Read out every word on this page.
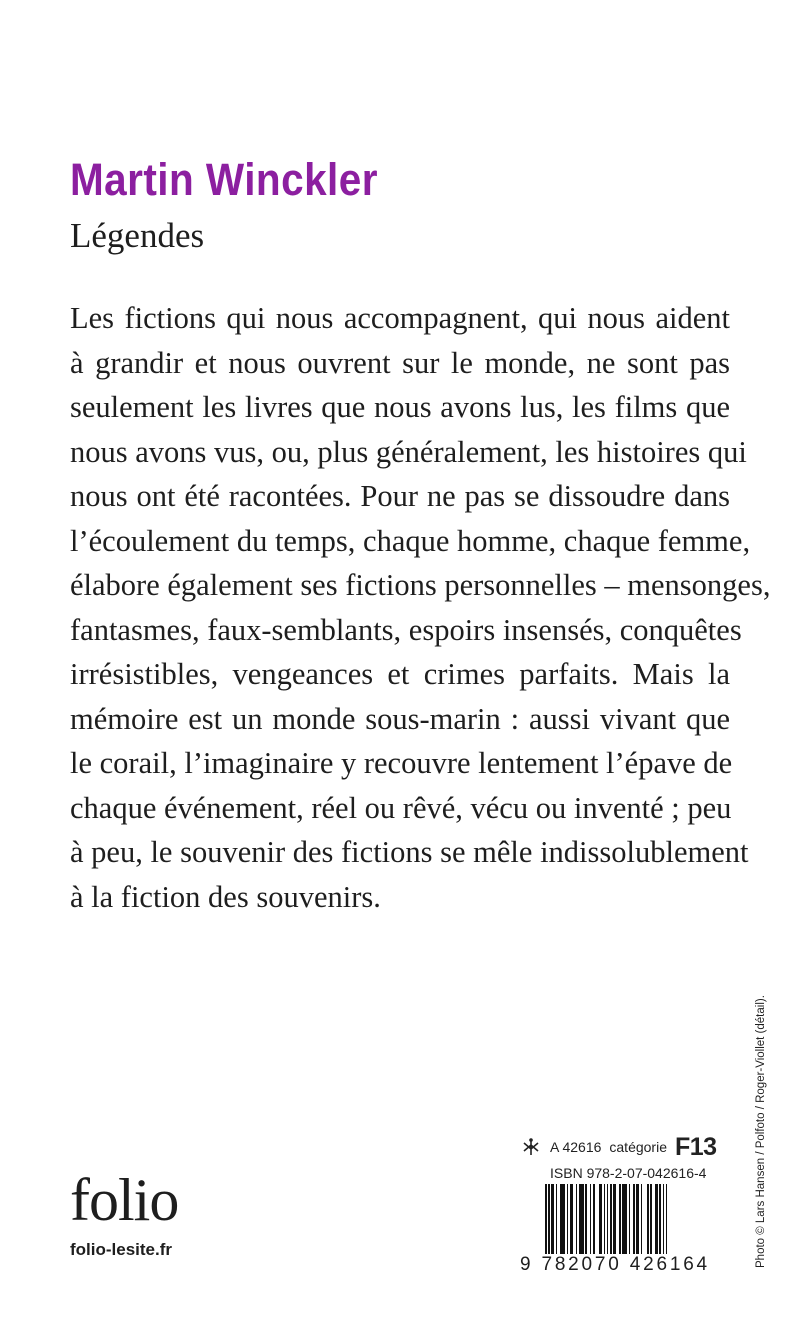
Martin Winckler
Légendes
Les fictions qui nous accompagnent, qui nous aident
à grandir et nous ouvrent sur le monde, ne sont pas
seulement les livres que nous avons lus, les films que
nous avons vus, ou, plus généralement, les histoires qui
nous ont été racontées. Pour ne pas se dissoudre dans
l’écoulement du temps, chaque homme, chaque femme,
élabore également ses fictions personnelles – mensonges,
fantasmes, faux-semblants, espoirs insensés, conquêtes
irrésistibles, vengeances et crimes parfaits. Mais la
mémoire est un monde sous-marin : aussi vivant que
le corail, l’imaginaire y recouvre lentement l’épave de
chaque événement, réel ou rêvé, vécu ou inventé ; peu
à peu, le souvenir des fictions se mêle indissolublement
à la fiction des souvenirs.
Photo © Lars Hansen / Polfoto / Roger-Viollet (détail).
folio
folio-lesite.fr
A 42616 catégorie F13
ISBN 978-2-07-042616-4
9 782070 426164
